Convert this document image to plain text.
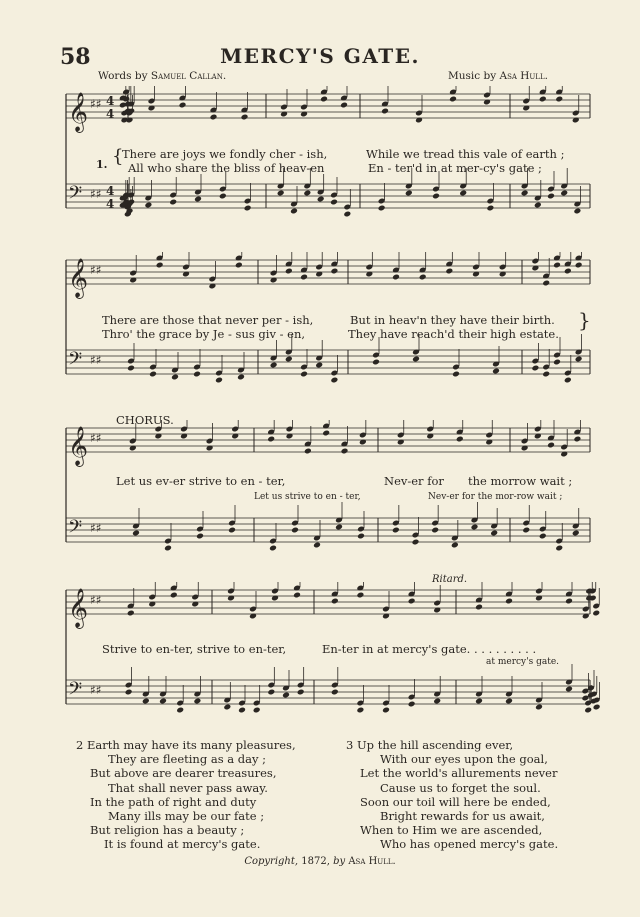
58	MERCY'S GATE.
Words by Samuel Callan.	Music by Asa Hull.
𝄞 ♯♯ 4
4
𝄢 ♯♯ 4
4
1. {
There are joys we fondly cher - ish,	While we tread this vale of earth ;
All who share the bliss of heav-en	En - ter'd in at mer-cy's gate ;
𝄞 ♯♯
𝄢 ♯♯
There are those that never per - ish,	But in heav'n they have their birth.
Thro' the grace by Je - sus giv - en,	They have reach'd their high estate.
}
CHORUS.
𝄞 ♯♯
𝄢 ♯♯
Let us ev-er strive to en - ter,	Nev-er for the morrow wait ;
Let us strive to en - ter,	Nev-er for the mor-row wait ;
Ritard.
𝄞 ♯♯
𝄢 ♯♯
Strive to en-ter, strive to en-ter,	En-ter in at mercy's gate. . . . . . . . . .
at mercy's gate.
2 Earth may have its many pleasures,
They are fleeting as a day ;
But above are dearer treasures,
That shall never pass away.
In the path of right and duty
Many ills may be our fate ;
But religion has a beauty ;
It is found at mercy's gate.
3 Up the hill ascending ever,
With our eyes upon the goal,
Let the world's allurements never
Cause us to forget the soul.
Soon our toil will here be ended,
Bright rewards for us await,
When to Him we are ascended,
Who has opened mercy's gate.
Copyright, 1872, by Asa Hull.
